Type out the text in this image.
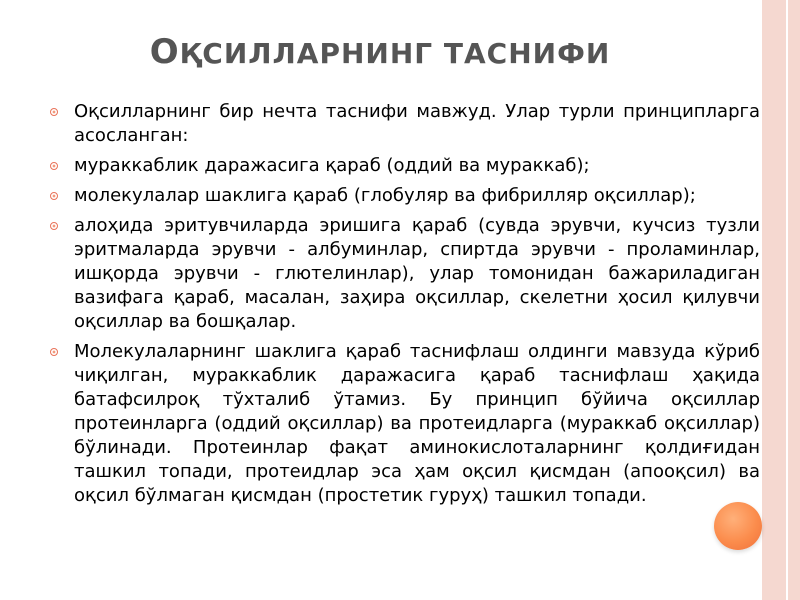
ОҚСИЛЛАРНИНГ ТАСНИФИ
Оқсилларнинг бир нечта таснифи мавжуд. Улар турли принципларга асосланган:
мураккаблик даражасига қараб (оддий ва мураккаб);
молекулалар шаклига қараб (глобуляр ва фибрилляр оқсиллар);
алоҳида эритувчиларда эришига қараб (сувда эрувчи, кучсиз тузли эритмаларда эрувчи - албуминлар, спиртда эрувчи - проламинлар, ишқорда эрувчи - глютелинлар), улар томонидан бажариладиган вазифага қараб, масалан, заҳира оқсиллар, скелетни ҳосил қилувчи оқсиллар ва бошқалар.
Молекулаларнинг шаклига қараб таснифлаш олдинги мавзуда кўриб чиқилган, мураккаблик даражасига қараб таснифлаш ҳақида батафсилроқ тўхталиб ўтамиз. Бу принцип бўйича оқсиллар протеинларга (оддий оқсиллар) ва протеидларга (мураккаб оқсиллар) бўлинади. Протеинлар фақат аминокислоталарнинг қолдиғидан ташкил топади, протеидлар эса ҳам оқсил қисмдан (апооқсил) ва оқсил бўлмаган қисмдан (простетик гуруҳ) ташкил топади.
